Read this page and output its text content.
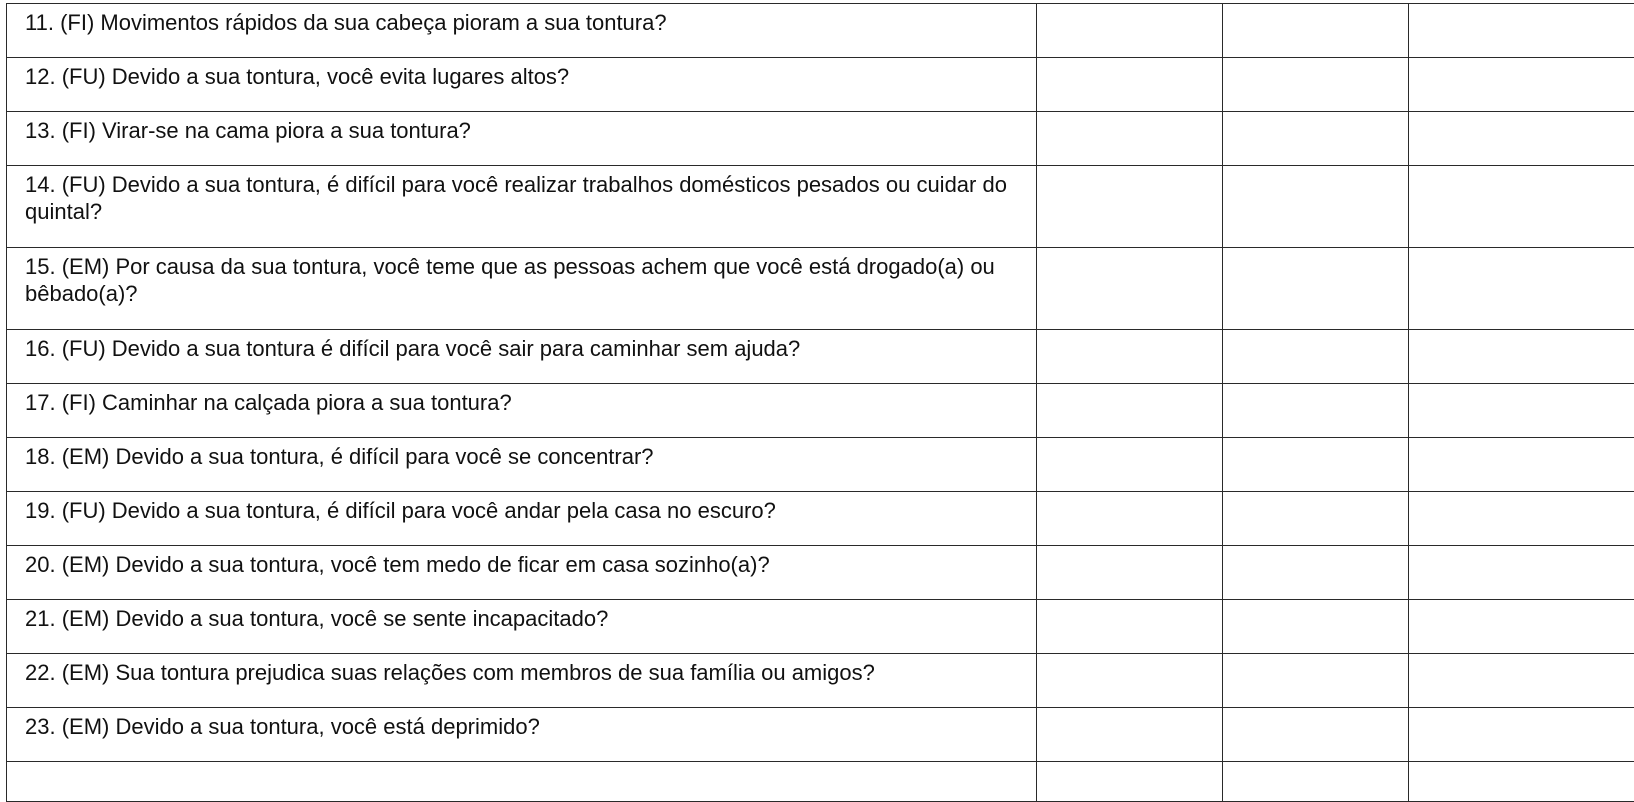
11. (FI) Movimentos rápidos da sua cabeça pioram a sua tontura?			
12. (FU) Devido a sua tontura, você evita lugares altos?			
13. (FI) Virar-se na cama piora a sua tontura?			
14. (FU) Devido a sua tontura, é difícil para você realizar trabalhos domésticos pesados ou cuidar do quintal?			
15. (EM) Por causa da sua tontura, você teme que as pessoas achem que você está drogado(a) ou bêbado(a)?			
16. (FU) Devido a sua tontura é difícil para você sair para caminhar sem ajuda?			
17. (FI) Caminhar na calçada piora a sua tontura?			
18. (EM) Devido a sua tontura, é difícil para você se concentrar?			
19. (FU) Devido a sua tontura, é difícil para você andar pela casa no escuro?			
20. (EM) Devido a sua tontura, você tem medo de ficar em casa sozinho(a)?			
21. (EM) Devido a sua tontura, você se sente incapacitado?			
22. (EM) Sua tontura prejudica suas relações com membros de sua família ou amigos?			
23. (EM) Devido a sua tontura, você está deprimido?			
